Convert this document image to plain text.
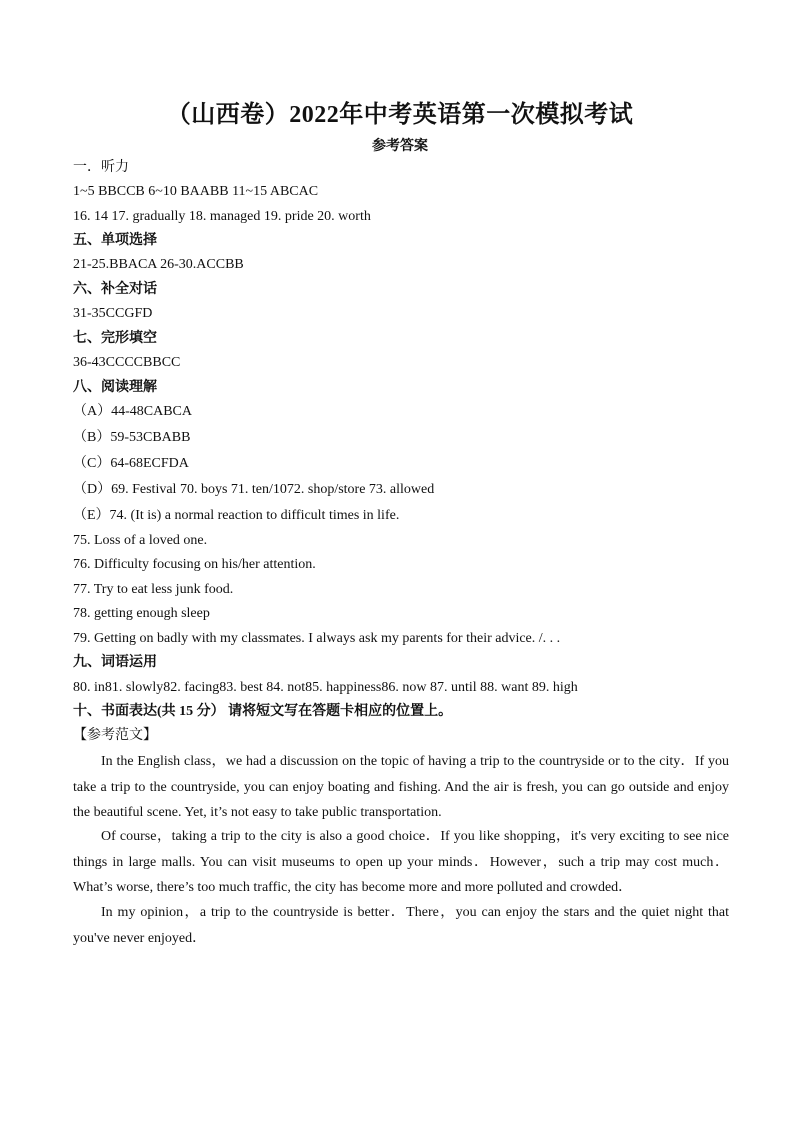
（山西卷）2022年中考英语第一次模拟考试
参考答案
一．听力
1~5 BBCCB 6~10 BAABB 11~15 ABCAC
16. 14 17. gradually 18. managed 19. pride 20. worth
五、单项选择
21-25.BBACA 26-30.ACCBB
六、补全对话
31-35CCGFD
七、完形填空
36-43CCCCBBCC
八、阅读理解
（A）44-48CABCA
（B）59-53CBABB
（C）64-68ECFDA
（D）69. Festival 70. boys 71. ten/1072. shop/store 73. allowed
（E）74. (It is) a normal reaction to difficult times in life.
75. Loss of a loved one.
76. Difficulty focusing on his/her attention.
77. Try to eat less junk food.
78. getting enough sleep
79. Getting on badly with my classmates. I always ask my parents for their advice. /. . .
九、词语运用
80. in81. slowly82. facing83. best 84. not85. happiness86. now 87. until 88. want 89. high
十、书面表达(共 15 分） 请将短文写在答题卡相应的位置上。
【参考范文】
In the English class，we had a discussion on the topic of having a trip to the countryside or to the city．If you take a trip to the countryside, you can enjoy boating and fishing. And the air is fresh, you can go outside and enjoy the beautiful scene. Yet, it’s not easy to take public transportation.
Of course，taking a trip to the city is also a good choice．If you like shopping，it's very exciting to see nice things in large malls. You can visit museums to open up your minds．However，such a trip may cost much．What’s worse, there’s too much traffic, the city has become more and more polluted and crowded．
In my opinion，a trip to the countryside is better．There，you can enjoy the stars and the quiet night that you've never enjoyed．
